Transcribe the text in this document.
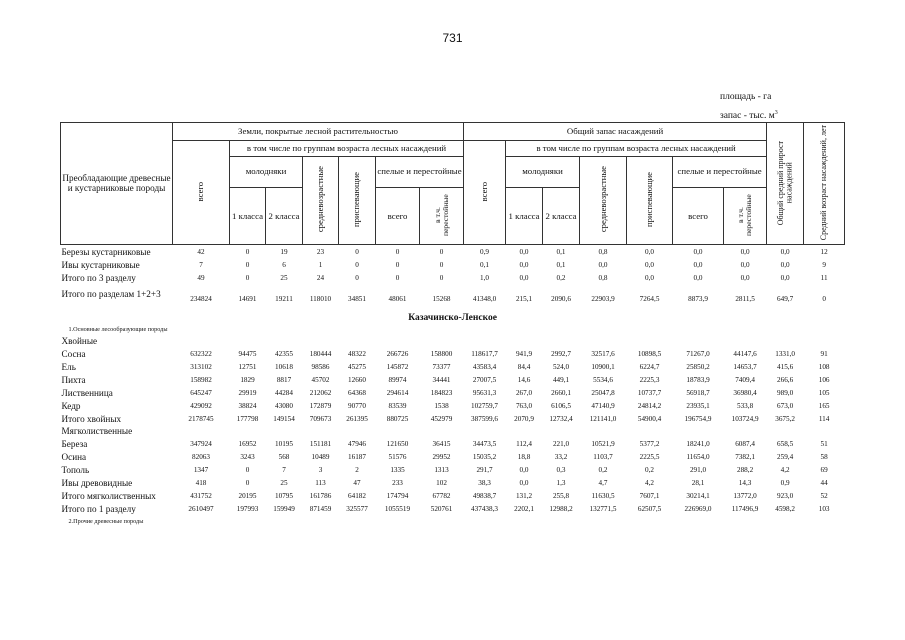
731
площадь - га
запас - тыс. $м^3$
Преобладающие древесные и кустарниковые породы	Земли, покрытые лесной растительностью							Общий запас насаждений							Общий средний прирост насаждений	Средний возраст насаждений, лет
	всего	в том числе по группам возраста лесных насаждений						всего	в том числе по группам возраста лесных насаждений							
		молодняки		средневозрастные	приспевающие	спелые и перестойные			молодняки		средневозрастные	приспевающие	спелые и перестойные			
		1 класса	2 класса			всего	в т.ч. перестойные		1 класса	2 класса			всего	в т.ч. перестойные		
Березы кустарниковые	42	0	19	23	0	0	0	0,9	0,0	0,1	0,8	0,0	0,0	0,0	0,0	12
Ивы кустарниковые	7	0	6	1	0	0	0	0,1	0,0	0,1	0,0	0,0	0,0	0,0	0,0	9
Итого по 3 разделу	49	0	25	24	0	0	0	1,0	0,0	0,2	0,8	0,0	0,0	0,0	0,0	11
Итого по разделам 1+2+3	234824	14691	19211	118010	34851	48061	15268	41348,0	215,1	2090,6	22903,9	7264,5	8873,9	2811,5	649,7	0
Казачинско-Ленское																
1.Основные лесообразующие породы																
Хвойные																
Сосна	632322	94475	42355	180444	48322	266726	158800	118617,7	941,9	2992,7	32517,6	10898,5	71267,0	44147,6	1331,0	91
Ель	313102	12751	10618	98586	45275	145872	73377	43583,4	84,4	524,0	10900,1	6224,7	25850,2	14653,7	415,6	108
Пихта	158982	1829	8817	45702	12660	89974	34441	27007,5	14,6	449,1	5534,6	2225,3	18783,9	7409,4	266,6	106
Лиственница	645247	29919	44284	212062	64368	294614	184823	95631,3	267,0	2660,1	25047,8	10737,7	56918,7	36980,4	989,0	105
Кедр	429092	38824	43080	172879	90770	83539	1538	102759,7	763,0	6106,5	47140,9	24814,2	23935,1	533,8	673,0	165
Итого хвойных	2178745	177798	149154	709673	261395	880725	452979	387599,6	2070,9	12732,4	121141,0	54900,4	196754,9	103724,9	3675,2	114
Мягколиственные																
Береза	347924	16952	10195	151181	47946	121650	36415	34473,5	112,4	221,0	10521,9	5377,2	18241,0	6087,4	658,5	51
Осина	82063	3243	568	10489	16187	51576	29952	15035,2	18,8	33,2	1103,7	2225,5	11654,0	7382,1	259,4	58
Тополь	1347	0	7	3	2	1335	1313	291,7	0,0	0,3	0,2	0,2	291,0	288,2	4,2	69
Ивы древовидные	418	0	25	113	47	233	102	38,3	0,0	1,3	4,7	4,2	28,1	14,3	0,9	44
Итого мягколиственных	431752	20195	10795	161786	64182	174794	67782	49838,7	131,2	255,8	11630,5	7607,1	30214,1	13772,0	923,0	52
Итого по 1 разделу	2610497	197993	159949	871459	325577	1055519	520761	437438,3	2202,1	12988,2	132771,5	62507,5	226969,0	117496,9	4598,2	103
2.Прочие древесные породы																
